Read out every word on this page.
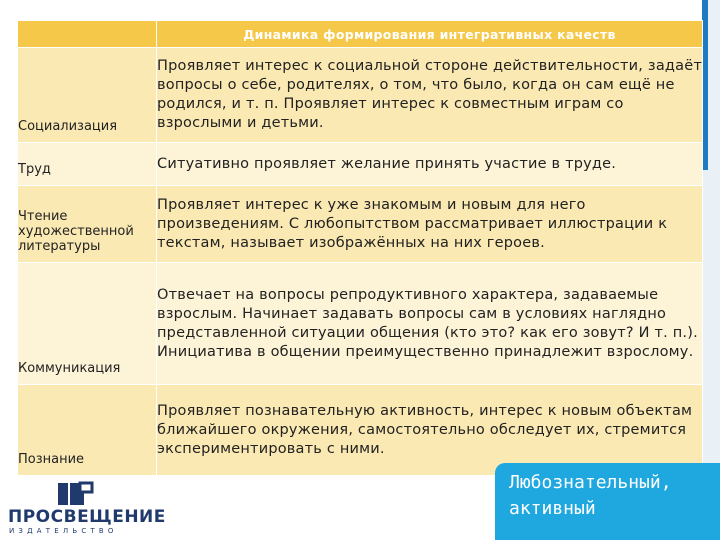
	Динамика формирования интегративных качеств
Социализация	Проявляет интерес к социальной стороне действительности, задаёт вопросы о себе, родителях, о том, что было, когда он сам ещё не родился, и т. п. Проявляет интерес к совместным играм со взрослыми и детьми.
Труд	Ситуативно проявляет желание принять участие в труде.
Чтение художественной литературы	Проявляет интерес к уже знакомым и новым для него произведениям. С любопытством рассматривает иллюстрации к текстам, называет изображённых на них героев.
Коммуникация	Отвечает на вопросы репродуктивного характера, задаваемые взрослым. Начинает задавать вопросы сам в условиях наглядно представленной ситуации общения (кто это? как его зовут? И т. п.). Инициатива в общении преимущественно принадлежит взрослому.
Познание	Проявляет познавательную активность, интерес к новым объектам ближайшего окружения, самостоятельно обследует их, стремится экспериментировать с ними.
ПРОСВЕЩЕНИЕ
ИЗДАТЕЛЬСТВО
Любознательный,
активный
